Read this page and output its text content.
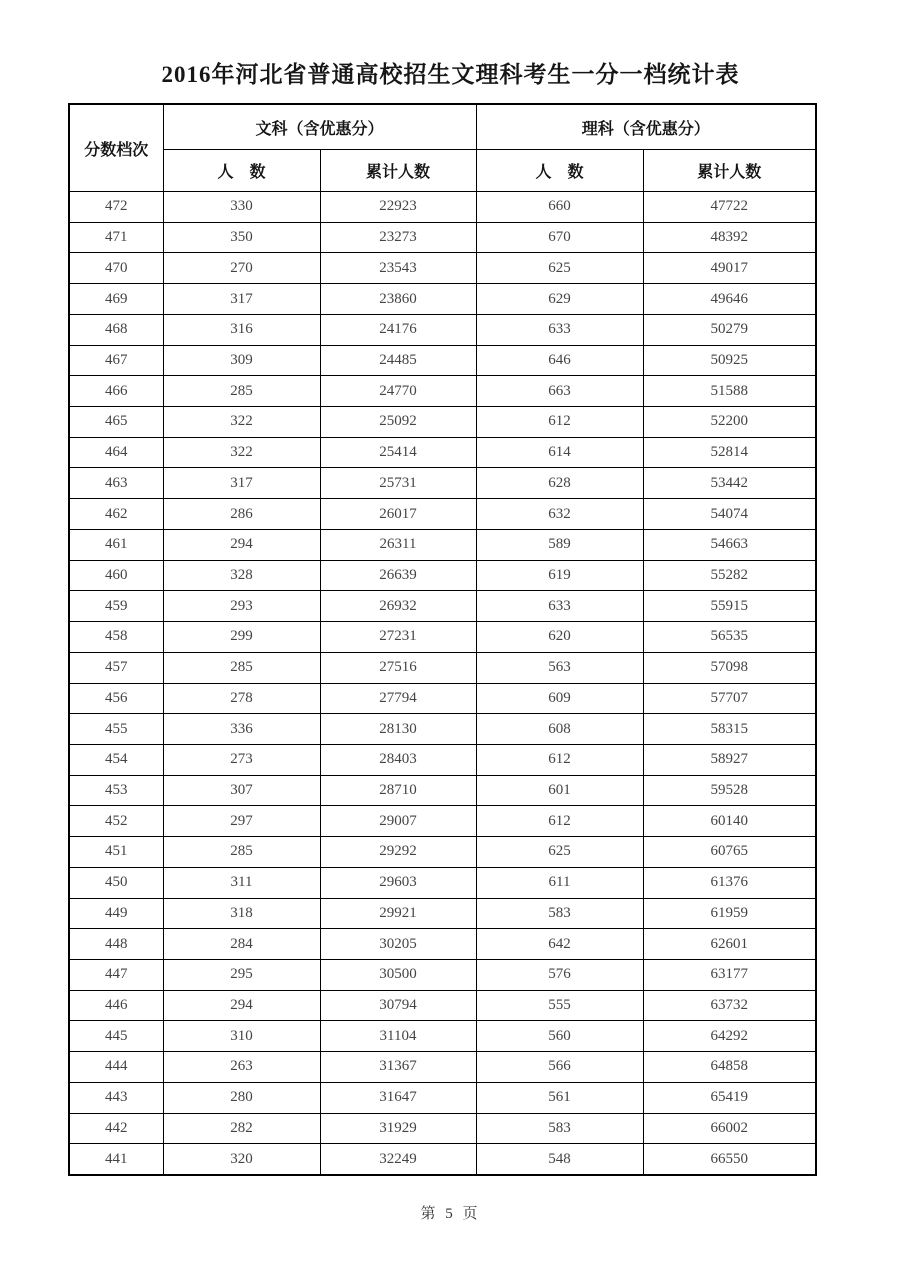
2016年河北省普通高校招生文理科考生一分一档统计表
分数档次	文科（含优惠分）		理科（含优惠分）	
	人　数	累计人数	人　数	累计人数
472	330	22923	660	47722
471	350	23273	670	48392
470	270	23543	625	49017
469	317	23860	629	49646
468	316	24176	633	50279
467	309	24485	646	50925
466	285	24770	663	51588
465	322	25092	612	52200
464	322	25414	614	52814
463	317	25731	628	53442
462	286	26017	632	54074
461	294	26311	589	54663
460	328	26639	619	55282
459	293	26932	633	55915
458	299	27231	620	56535
457	285	27516	563	57098
456	278	27794	609	57707
455	336	28130	608	58315
454	273	28403	612	58927
453	307	28710	601	59528
452	297	29007	612	60140
451	285	29292	625	60765
450	311	29603	611	61376
449	318	29921	583	61959
448	284	30205	642	62601
447	295	30500	576	63177
446	294	30794	555	63732
445	310	31104	560	64292
444	263	31367	566	64858
443	280	31647	561	65419
442	282	31929	583	66002
441	320	32249	548	66550
第 5 页
